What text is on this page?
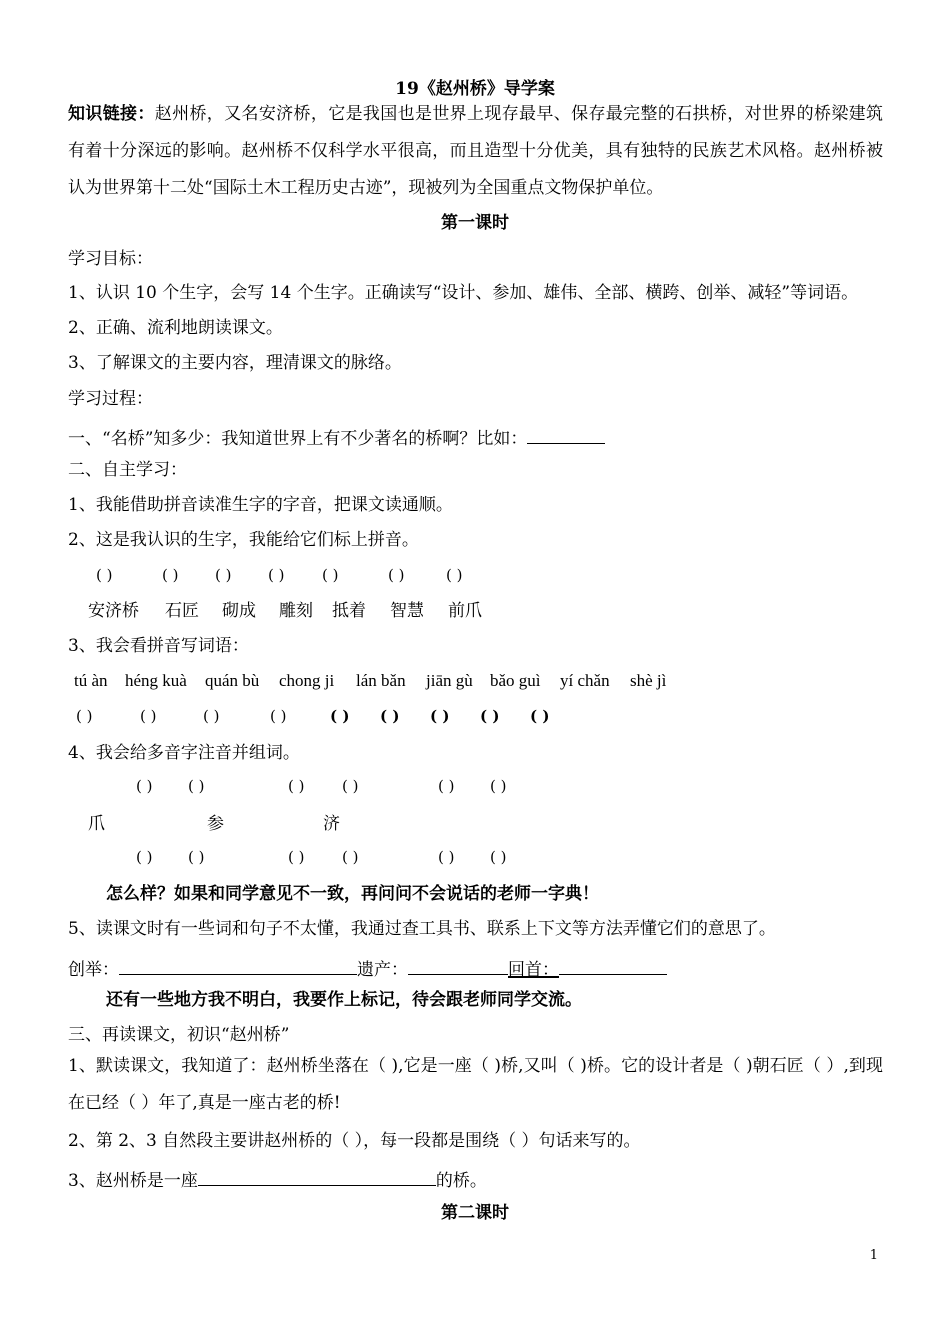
19《赵州桥》导学案
知识链接：赵州桥，又名安济桥，它是我国也是世界上现存最早、保存最完整的石拱桥，对世界的桥梁建筑有着十分深远的影响。赵州桥不仅科学水平很高，而且造型十分优美，具有独特的民族艺术风格。赵州桥被认为世界第十二处“国际土木工程历史古迹”，现被列为全国重点文物保护单位。
第一课时
学习目标：
1、认识 10 个生字，会写 14 个生字。正确读写“设计、参加、雄伟、全部、横跨、创举、减轻”等词语。
2、正确、流利地朗读课文。
3、了解课文的主要内容，理清课文的脉络。
学习过程：
一、“名桥”知多少：我知道世界上有不少著名的桥啊？比如：
二、自主学习：
1、我能借助拼音读准生字的字音，把课文读通顺。
2、这是我认识的生字，我能给它们标上拼音。
( )	( ) ( ) ( )	( )	( )	( )
安济桥 石匠 砌成 雕刻 抵着 智慧 前爪
3、我会看拼音写词语：
tú àn héng kuà quán bù chong ji lán bǎn jiān gù bǎo guì yí chǎn shè jì
( )	( )	( )	( )	( ) ( ) ( ) ( ) ( )
4、我会给多音字注音并组词。
( ) ( )	( )	( )	( ) ( )
爪	参	济
( ) ( )	( )	( )	( ) ( )
怎么样？如果和同学意见不一致，再问问不会说话的老师一字典！
5、读课文时有一些词和句子不太懂，我通过查工具书、联系上下文等方法弄懂它们的意思了。
创举：	遗产：	回首：
还有一些地方我不明白，我要作上标记，待会跟老师同学交流。
三、再读课文，初识“赵州桥”
1、默读课文，我知道了：赵州桥坐落在（ ),它是一座（ )桥,又叫（ )桥。它的设计者是（ )朝石匠（ ）,到现在已经（ ）年了,真是一座古老的桥!
2、第 2、3 自然段主要讲赵州桥的（ ），每一段都是围绕（ ）句话来写的。
3、赵州桥是一座	的桥。
第二课时
1
